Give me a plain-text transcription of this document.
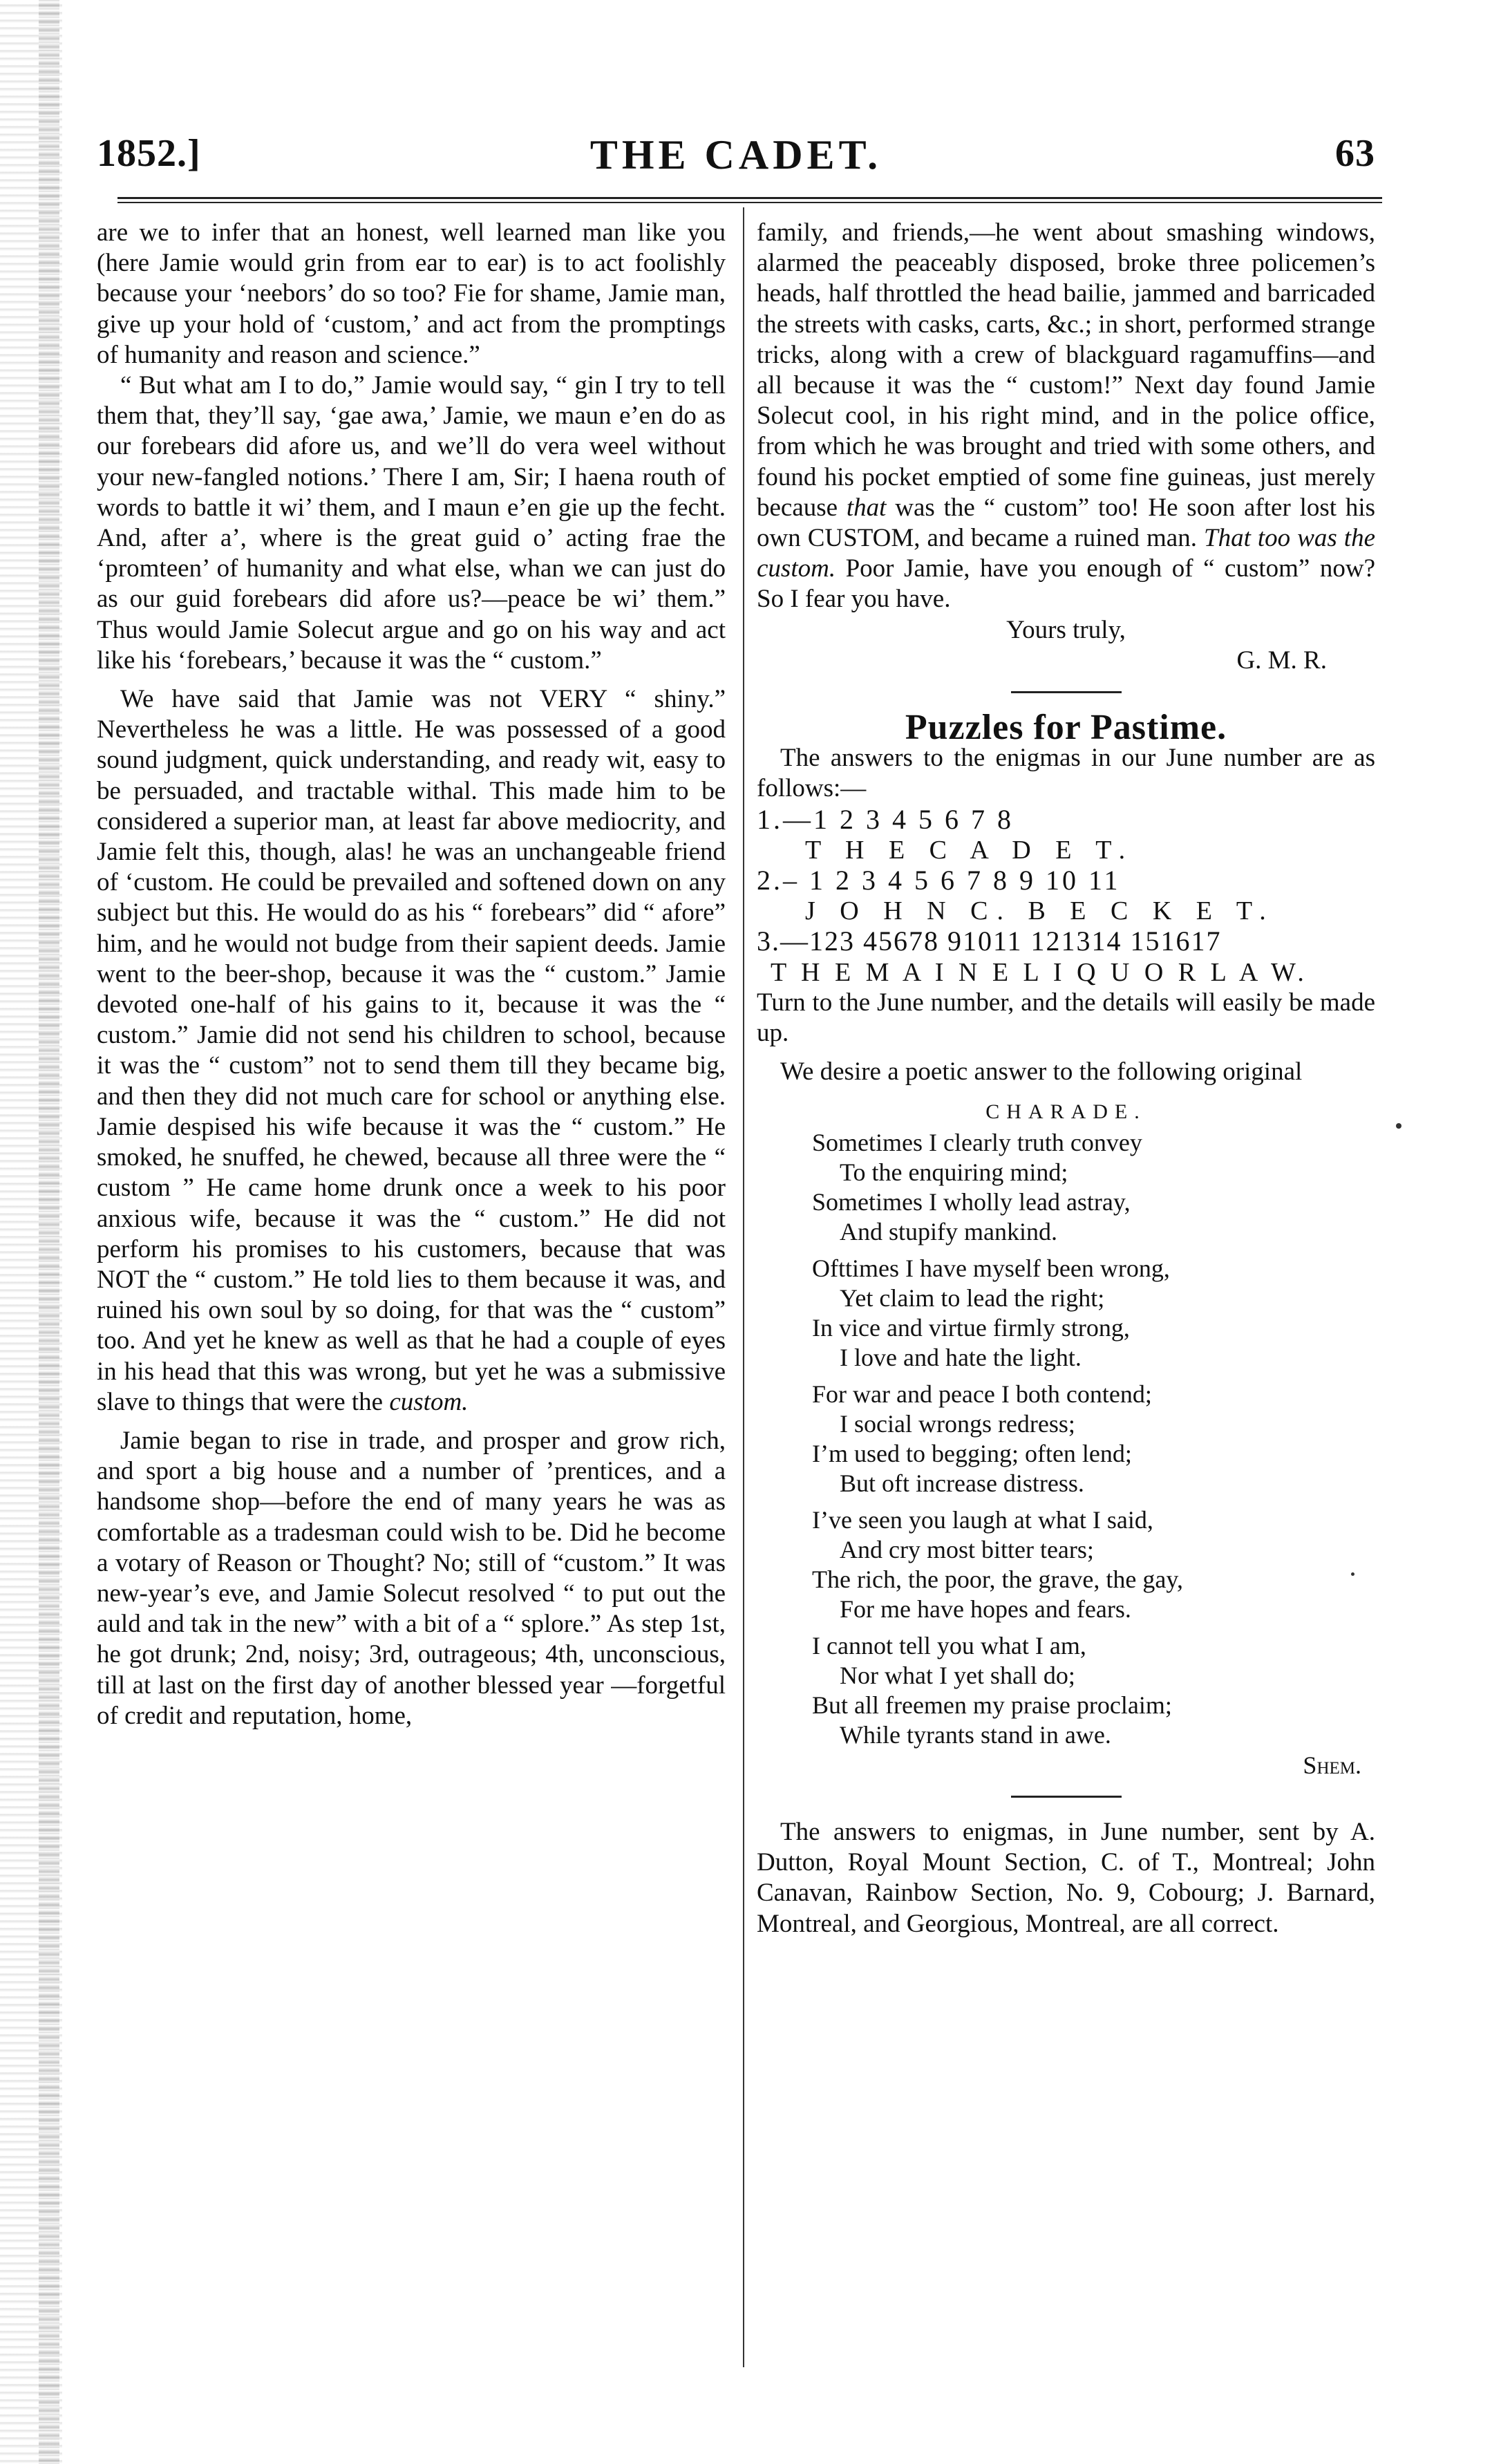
1852.]	THE CADET.	63

are we to infer that an honest, well learned man like you (here Jamie would grin from ear to ear) is to act foolishly because your ‘neebors’ do so too? Fie for shame, Jamie man, give up your hold of ‘custom,’ and act from the promptings of humanity and reason and science.”

“ But what am I to do,” Jamie would say, “ gin I try to tell them that, they’ll say, ‘gae awa,’ Jamie, we maun e’en do as our forebears did afore us, and we’ll do vera weel without your new-fangled notions.’ There I am, Sir; I haena routh of words to battle it wi’ them, and I maun e’en gie up the fecht. And, after a’, where is the great guid o’ acting frae the ‘promteen’ of humanity and what else, whan we can just do as our guid forebears did afore us?—peace be wi’ them.” Thus would Jamie Solecut argue and go on his way and act like his ‘forebears,’ because it was the “ custom.”

We have said that Jamie was not VERY “ shiny.” Nevertheless he was a little. He was possessed of a good sound judgment, quick understanding, and ready wit, easy to be persuaded, and tractable withal. This made him to be considered a superior man, at least far above mediocrity, and Jamie felt this, though, alas! he was an unchangeable friend of ‘custom. He could be prevailed and softened down on any subject but this. He would do as his “ forebears” did “ afore” him, and he would not budge from their sapient deeds. Jamie went to the beer-shop, because it was the “ custom.” Jamie devoted one-half of his gains to it, because it was the “ custom.” Jamie did not send his children to school, because it was the “ custom” not to send them till they became big, and then they did not much care for school or anything else. Jamie despised his wife because it was the “ custom.” He smoked, he snuffed, he chewed, because all three were the “ custom ” He came home drunk once a week to his poor anxious wife, because it was the “ custom.” He did not perform his promises to his customers, because that was NOT the “ custom.” He told lies to them because it was, and ruined his own soul by so doing, for that was the “ custom” too. And yet he knew as well as that he had a couple of eyes in his head that this was wrong, but yet he was a submissive slave to things that were the custom.

Jamie began to rise in trade, and prosper and grow rich, and sport a big house and a number of ’prentices, and a handsome shop—before the end of many years he was as comfortable as a tradesman could wish to be. Did he become a votary of Reason or Thought? No; still of “custom.” It was new-year’s eve, and Jamie Solecut resolved “ to put out the auld and tak in the new” with a bit of a “ splore.” As step 1st, he got drunk; 2nd, noisy; 3rd, outrageous; 4th, unconscious, till at last on the first day of another blessed year —forgetful of credit and reputation, home,

family, and friends,—he went about smashing windows, alarmed the peaceably disposed, broke three policemen’s heads, half throttled the head bailie, jammed and barricaded the streets with casks, carts, &c.; in short, performed strange tricks, along with a crew of blackguard ragamuffins—and all because it was the “ custom!” Next day found Jamie Solecut cool, in his right mind, and in the police office, from which he was brought and tried with some others, and found his pocket emptied of some fine guineas, just merely because that was the “ custom” too! He soon after lost his own CUSTOM, and became a ruined man. That too was the custom. Poor Jamie, have you enough of “ custom” now? So I fear you have.

Yours truly,

G. M. R.

Puzzles for Pastime.

The answers to the enigmas in our June number are as follows:—

1.—1 2 3 4 5 6 7 8

T H E C A D E T.

2.– 1 2 3 4 5 6 7 8 9 10 11

J O H N C. B E C K E T.

3.—123 45678 91011 121314 151617

T H E M A I N E L I Q U O R L A W.

Turn to the June number, and the details will easily be made up.

We desire a poetic answer to the following original

CHARADE.

Sometimes I clearly truth convey
To the enquiring mind;
Sometimes I wholly lead astray,
And stupify mankind.
Ofttimes I have myself been wrong,
Yet claim to lead the right;
In vice and virtue firmly strong,
I love and hate the light.
For war and peace I both contend;
I social wrongs redress;
I’m used to begging; often lend;
But oft increase distress.
I’ve seen you laugh at what I said,
And cry most bitter tears;
The rich, the poor, the grave, the gay,
For me have hopes and fears.
I cannot tell you what I am,
Nor what I yet shall do;
But all freemen my praise proclaim;
While tyrants stand in awe.

Shem.

The answers to enigmas, in June number, sent by A. Dutton, Royal Mount Section, C. of T., Montreal; John Canavan, Rainbow Section, No. 9, Cobourg; J. Barnard, Montreal, and Georgious, Montreal, are all correct.
